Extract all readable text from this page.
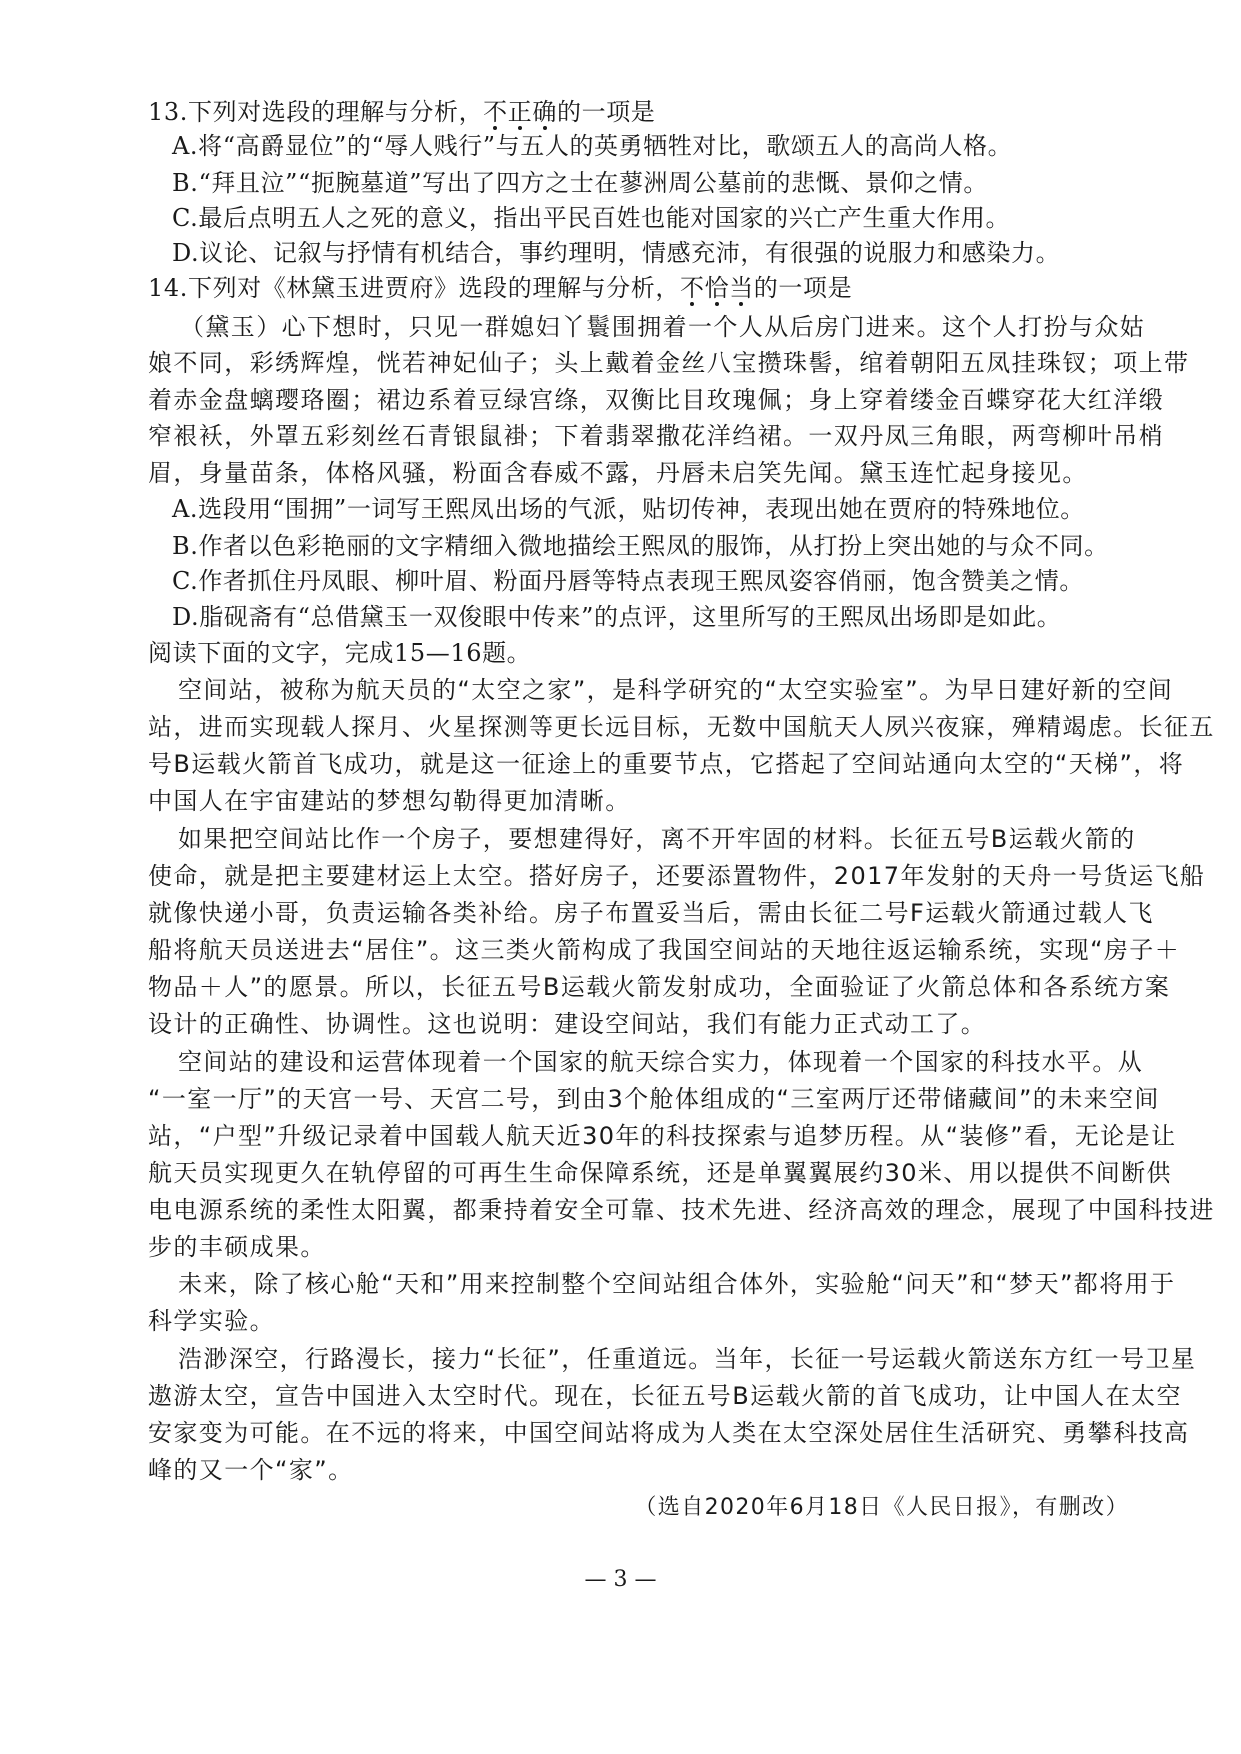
13.下列对选段的理解与分析，不正确的一项是
A.将“高爵显位”的“辱人贱行”与五人的英勇牺牲对比，歌颂五人的高尚人格。
B.“拜且泣”“扼腕墓道”写出了四方之士在蓼洲周公墓前的悲慨、景仰之情。
C.最后点明五人之死的意义，指出平民百姓也能对国家的兴亡产生重大作用。
D.议论、记叙与抒情有机结合，事约理明，情感充沛，有很强的说服力和感染力。
14.下列对《林黛玉进贾府》选段的理解与分析，不恰当的一项是
（黛玉）心下想时，只见一群媳妇丫鬟围拥着一个人从后房门进来。这个人打扮与众姑
娘不同，彩绣辉煌，恍若神妃仙子；头上戴着金丝八宝攒珠髻，绾着朝阳五凤挂珠钗；项上带
着赤金盘螭璎珞圈；裙边系着豆绿宫绦，双衡比目玫瑰佩；身上穿着缕金百蝶穿花大红洋缎
窄裉袄，外罩五彩刻丝石青银鼠褂；下着翡翠撒花洋绉裙。一双丹凤三角眼，两弯柳叶吊梢
眉，身量苗条，体格风骚，粉面含春威不露，丹唇未启笑先闻。黛玉连忙起身接见。
A.选段用“围拥”一词写王熙凤出场的气派，贴切传神，表现出她在贾府的特殊地位。
B.作者以色彩艳丽的文字精细入微地描绘王熙凤的服饰，从打扮上突出她的与众不同。
C.作者抓住丹凤眼、柳叶眉、粉面丹唇等特点表现王熙凤姿容俏丽，饱含赞美之情。
D.脂砚斋有“总借黛玉一双俊眼中传来”的点评，这里所写的王熙凤出场即是如此。
阅读下面的文字，完成15—16题。
空间站，被称为航天员的“太空之家”，是科学研究的“太空实验室”。为早日建好新的空间
站，进而实现载人探月、火星探测等更长远目标，无数中国航天人夙兴夜寐，殚精竭虑。长征五
号B运载火箭首飞成功，就是这一征途上的重要节点，它搭起了空间站通向太空的“天梯”，将
中国人在宇宙建站的梦想勾勒得更加清晰。
如果把空间站比作一个房子，要想建得好，离不开牢固的材料。长征五号B运载火箭的
使命，就是把主要建材运上太空。搭好房子，还要添置物件，2017年发射的天舟一号货运飞船
就像快递小哥，负责运输各类补给。房子布置妥当后，需由长征二号F运载火箭通过载人飞
船将航天员送进去“居住”。这三类火箭构成了我国空间站的天地往返运输系统，实现“房子＋
物品＋人”的愿景。所以，长征五号B运载火箭发射成功，全面验证了火箭总体和各系统方案
设计的正确性、协调性。这也说明：建设空间站，我们有能力正式动工了。
空间站的建设和运营体现着一个国家的航天综合实力，体现着一个国家的科技水平。从
“一室一厅”的天宫一号、天宫二号，到由3个舱体组成的“三室两厅还带储藏间”的未来空间
站，“户型”升级记录着中国载人航天近30年的科技探索与追梦历程。从“装修”看，无论是让
航天员实现更久在轨停留的可再生生命保障系统，还是单翼翼展约30米、用以提供不间断供
电电源系统的柔性太阳翼，都秉持着安全可靠、技术先进、经济高效的理念，展现了中国科技进
步的丰硕成果。
未来，除了核心舱“天和”用来控制整个空间站组合体外，实验舱“问天”和“梦天”都将用于
科学实验。
浩渺深空，行路漫长，接力“长征”，任重道远。当年，长征一号运载火箭送东方红一号卫星
遨游太空，宣告中国进入太空时代。现在，长征五号B运载火箭的首飞成功，让中国人在太空
安家变为可能。在不远的将来，中国空间站将成为人类在太空深处居住生活研究、勇攀科技高
峰的又一个“家”。
（选自2020年6月18日《人民日报》，有删改）
— 3 —
